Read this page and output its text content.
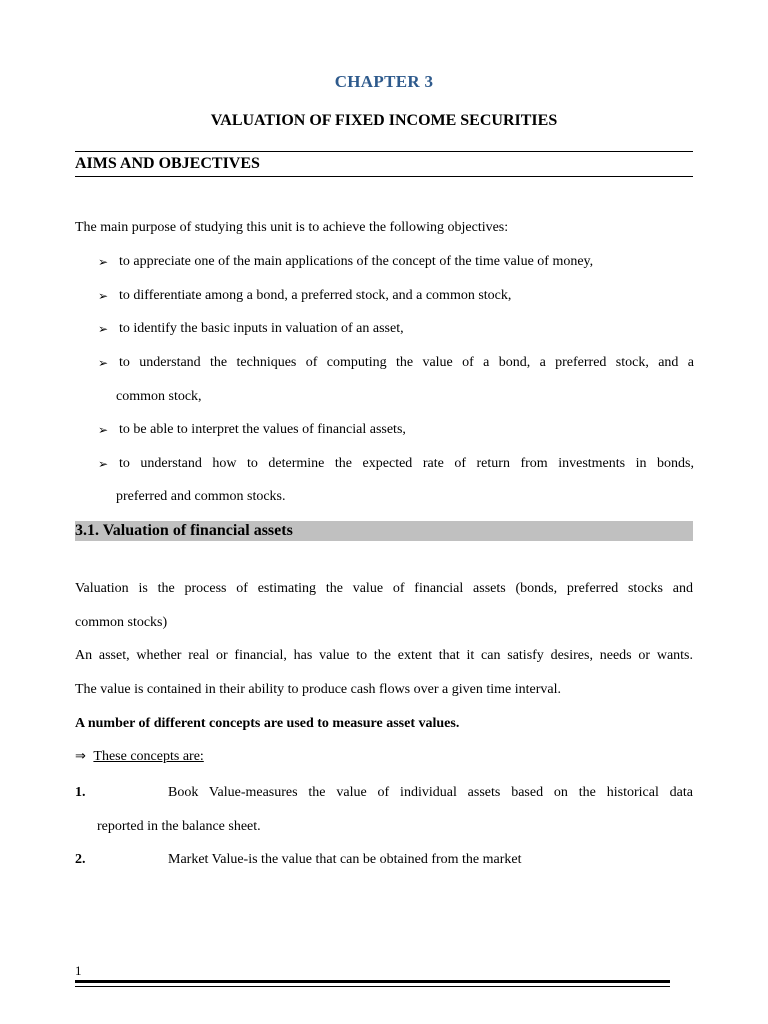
CHAPTER 3
VALUATION OF FIXED INCOME SECURITIES
AIMS AND OBJECTIVES
The main purpose of studying this unit is to achieve the following objectives:
➢ to appreciate one of the main applications of the concept of the time value of money,
➢ to differentiate among a bond, a preferred stock, and a common stock,
➢ to identify the basic inputs in valuation of an asset,
➢ to understand the techniques of computing the value of a bond, a preferred stock, and a
common stock,
➢ to be able to interpret the values of financial assets,
➢ to understand how to determine the expected rate of return from investments in bonds,
preferred and common stocks.
3.1. Valuation of financial assets
Valuation is the process of estimating the value of financial assets (bonds, preferred stocks and
common stocks)
An asset, whether real or financial, has value to the extent that it can satisfy desires, needs or wants.
The value is contained in their ability to produce cash flows over a given time interval.
A number of different concepts are used to measure asset values.
⇒ These concepts are:
1.	Book Value-measures the value of individual assets based on the historical data
reported in the balance sheet.
2.	Market Value-is the value that can be obtained from the market
1
